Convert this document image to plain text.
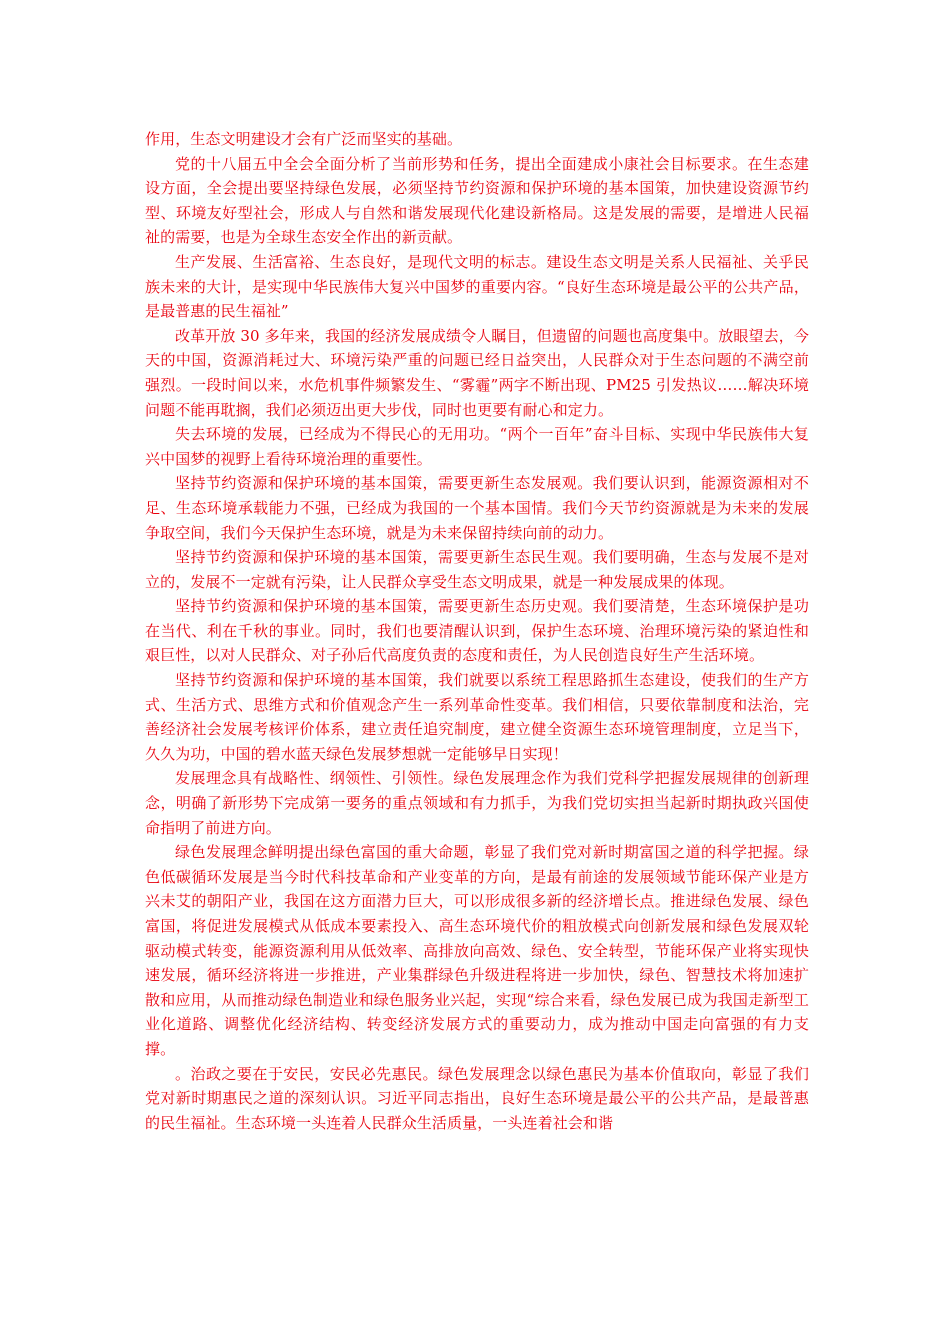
作用，生态文明建设才会有广泛而坚实的基础。

党的十八届五中全会全面分析了当前形势和任务，提出全面建成小康社会目标要求。在生态建设方面，全会提出要坚持绿色发展，必须坚持节约资源和保护环境的基本国策，加快建设资源节约型、环境友好型社会，形成人与自然和谐发展现代化建设新格局。这是发展的需要，是增进人民福祉的需要，也是为全球生态安全作出的新贡献。

生产发展、生活富裕、生态良好，是现代文明的标志。建设生态文明是关系人民福祉、关乎民族未来的大计，是实现中华民族伟大复兴中国梦的重要内容。“良好生态环境是最公平的公共产品，是最普惠的民生福祉”

改革开放 30 多年来，我国的经济发展成绩令人瞩目，但遗留的问题也高度集中。放眼望去，今天的中国，资源消耗过大、环境污染严重的问题已经日益突出，人民群众对于生态问题的不满空前强烈。一段时间以来，水危机事件频繁发生、“雾霾”两字不断出现、PM25 引发热议……解决环境问题不能再耽搁，我们必须迈出更大步伐，同时也更要有耐心和定力。

失去环境的发展，已经成为不得民心的无用功。“两个一百年”奋斗目标、实现中华民族伟大复兴中国梦的视野上看待环境治理的重要性。

坚持节约资源和保护环境的基本国策，需要更新生态发展观。我们要认识到，能源资源相对不足、生态环境承载能力不强，已经成为我国的一个基本国情。我们今天节约资源就是为未来的发展争取空间，我们今天保护生态环境，就是为未来保留持续向前的动力。

坚持节约资源和保护环境的基本国策，需要更新生态民生观。我们要明确，生态与发展不是对立的，发展不一定就有污染，让人民群众享受生态文明成果，就是一种发展成果的体现。

坚持节约资源和保护环境的基本国策，需要更新生态历史观。我们要清楚，生态环境保护是功在当代、利在千秋的事业。同时，我们也要清醒认识到，保护生态环境、治理环境污染的紧迫性和艰巨性，以对人民群众、对子孙后代高度负责的态度和责任，为人民创造良好生产生活环境。

坚持节约资源和保护环境的基本国策，我们就要以系统工程思路抓生态建设，使我们的生产方式、生活方式、思维方式和价值观念产生一系列革命性变革。我们相信，只要依靠制度和法治，完善经济社会发展考核评价体系，建立责任追究制度，建立健全资源生态环境管理制度，立足当下，久久为功，中国的碧水蓝天绿色发展梦想就一定能够早日实现！

发展理念具有战略性、纲领性、引领性。绿色发展理念作为我们党科学把握发展规律的创新理念，明确了新形势下完成第一要务的重点领域和有力抓手，为我们党切实担当起新时期执政兴国使命指明了前进方向。

绿色发展理念鲜明提出绿色富国的重大命题，彰显了我们党对新时期富国之道的科学把握。绿色低碳循环发展是当今时代科技革命和产业变革的方向，是最有前途的发展领域节能环保产业是方兴未艾的朝阳产业，我国在这方面潜力巨大，可以形成很多新的经济增长点。推进绿色发展、绿色富国，将促进发展模式从低成本要素投入、高生态环境代价的粗放模式向创新发展和绿色发展双轮驱动模式转变，能源资源利用从低效率、高排放向高效、绿色、安全转型，节能环保产业将实现快速发展，循环经济将进一步推进，产业集群绿色升级进程将进一步加快，绿色、智慧技术将加速扩散和应用，从而推动绿色制造业和绿色服务业兴起，实现“综合来看，绿色发展已成为我国走新型工业化道路、调整优化经济结构、转变经济发展方式的重要动力，成为推动中国走向富强的有力支撑。

。治政之要在于安民，安民必先惠民。绿色发展理念以绿色惠民为基本价值取向，彰显了我们党对新时期惠民之道的深刻认识。习近平同志指出，良好生态环境是最公平的公共产品，是最普惠的民生福祉。生态环境一头连着人民群众生活质量，一头连着社会和谐
